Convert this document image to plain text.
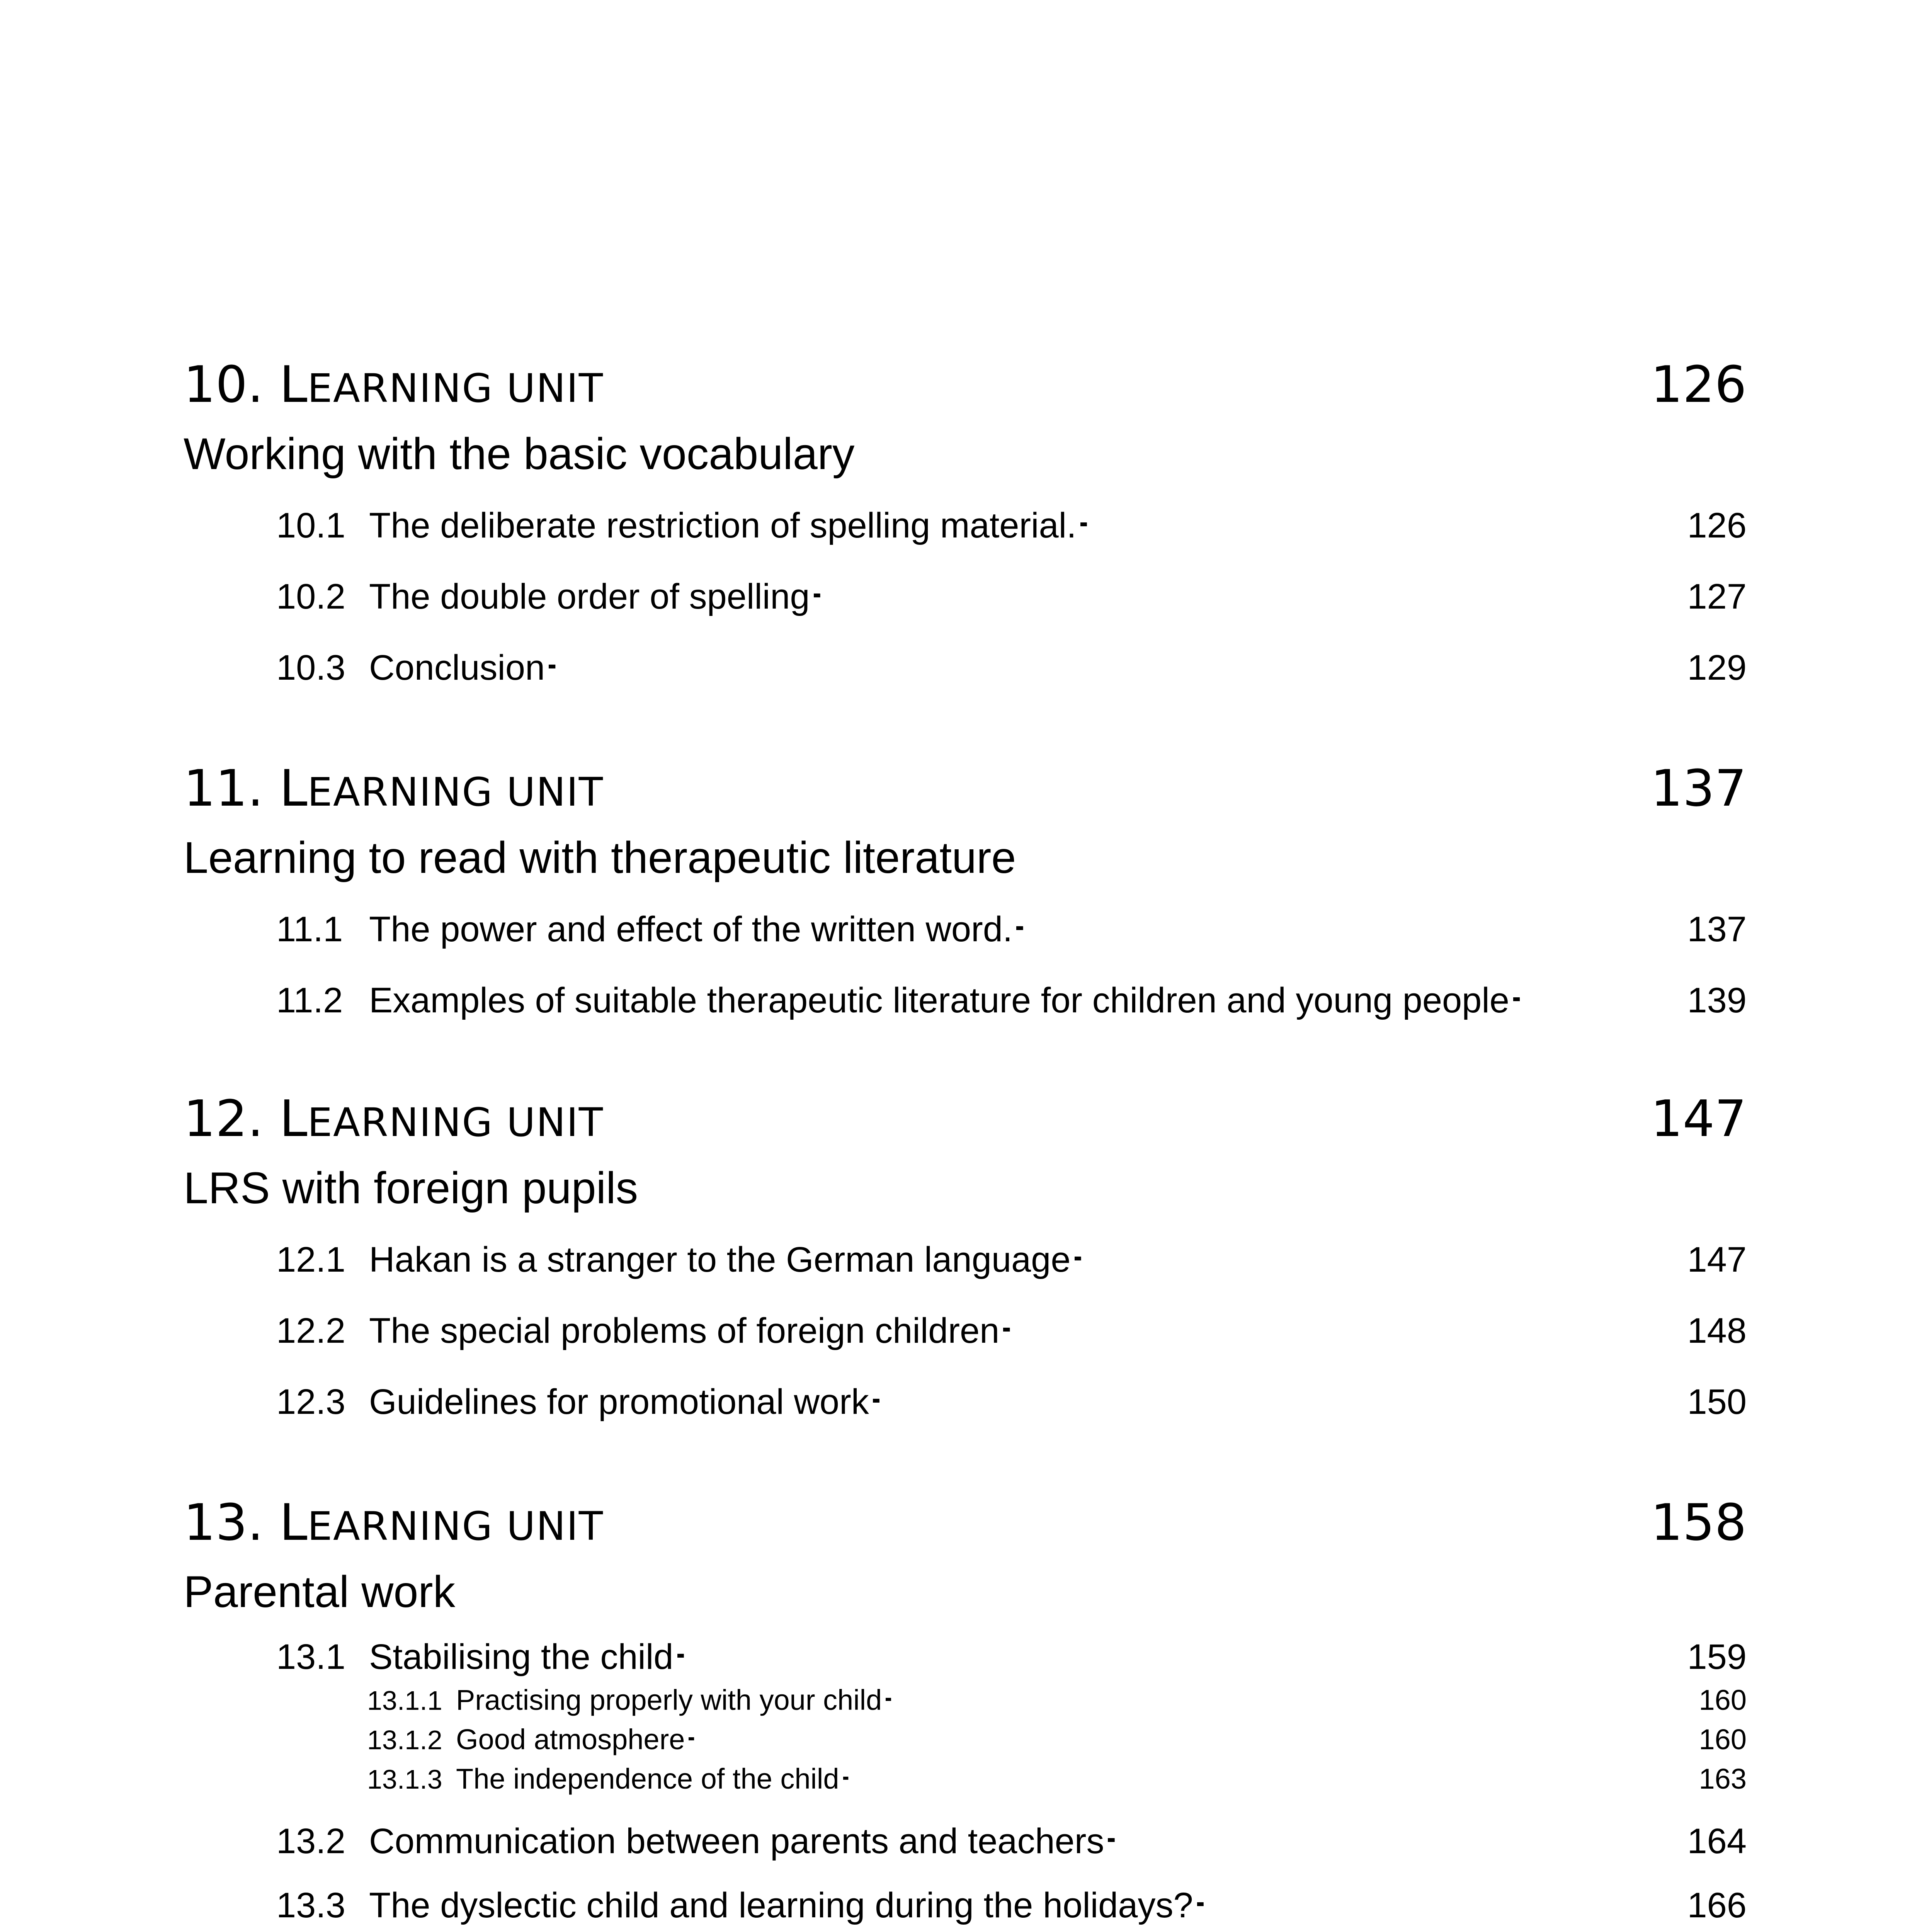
10. LEARNING UNIT	126
Working with the basic vocabulary
10.1 The deliberate restriction of spelling material. . . .	126
10.2 The double order of spelling . . .	127
10.3 Conclusion . . .	129
11. LEARNING UNIT	137
Learning to read with therapeutic literature
11.1 The power and effect of the written word. . . .	137
11.2 Examples of suitable therapeutic literature for children and young people . . .	139
12. LEARNING UNIT	147
LRS with foreign pupils
12.1 Hakan is a stranger to the German language . . .	147
12.2 The special problems of foreign children . . .	148
12.3 Guidelines for promotional work . . .	150
13. LEARNING UNIT	158
Parental work
13.1 Stabilising the child . . .	159
13.1.1 Practising properly with your child . . .	160
13.1.2 Good atmosphere . . .	160
13.1.3 The independence of the child . . .	163
13.2 Communication between parents and teachers . . .	164
13.3 The dyslectic child and learning during the holidays? . . .	166
